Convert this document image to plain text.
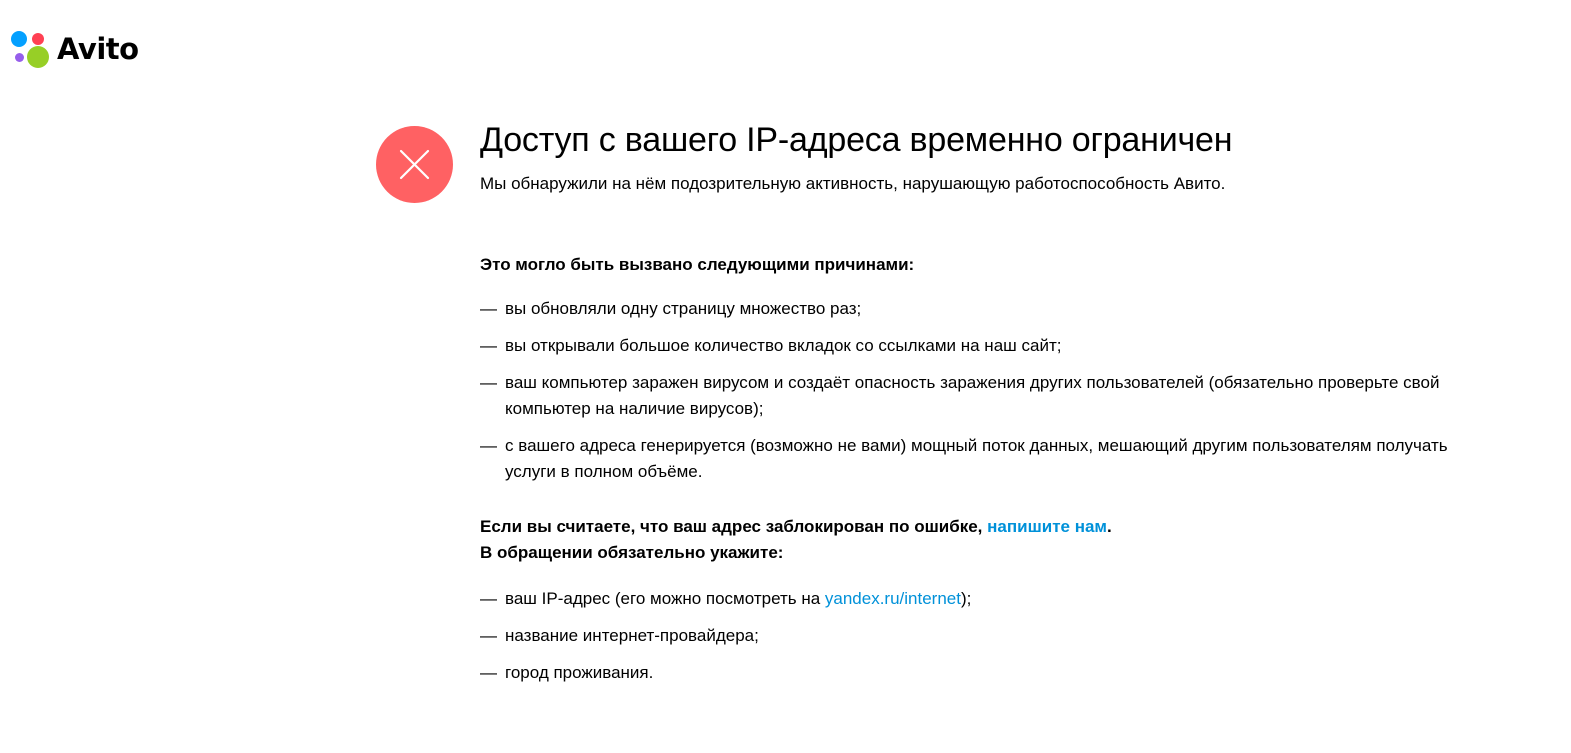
Avito
Доступ с вашего IP-адреса временно ограничен

Мы обнаружили на нём подозрительную активность, нарушающую работоспособность Авито.

Это могло быть вызвано следующими причинами:
— вы обновляли одну страницу множество раз;
— вы открывали большое количество вкладок со ссылками на наш сайт;
— ваш компьютер заражен вирусом и создаёт опасность заражения других пользователей (обязательно проверьте свой компьютер на наличие вирусов);
— с вашего адреса генерируется (возможно не вами) мощный поток данных, мешающий другим пользователям получать услуги в полном объёме.
Если вы считаете, что ваш адрес заблокирован по ошибке, напишите нам.
В обращении обязательно укажите:
— ваш IP-адрес (его можно посмотреть на yandex.ru/internet);
— название интернет-провайдера;
— город проживания.
